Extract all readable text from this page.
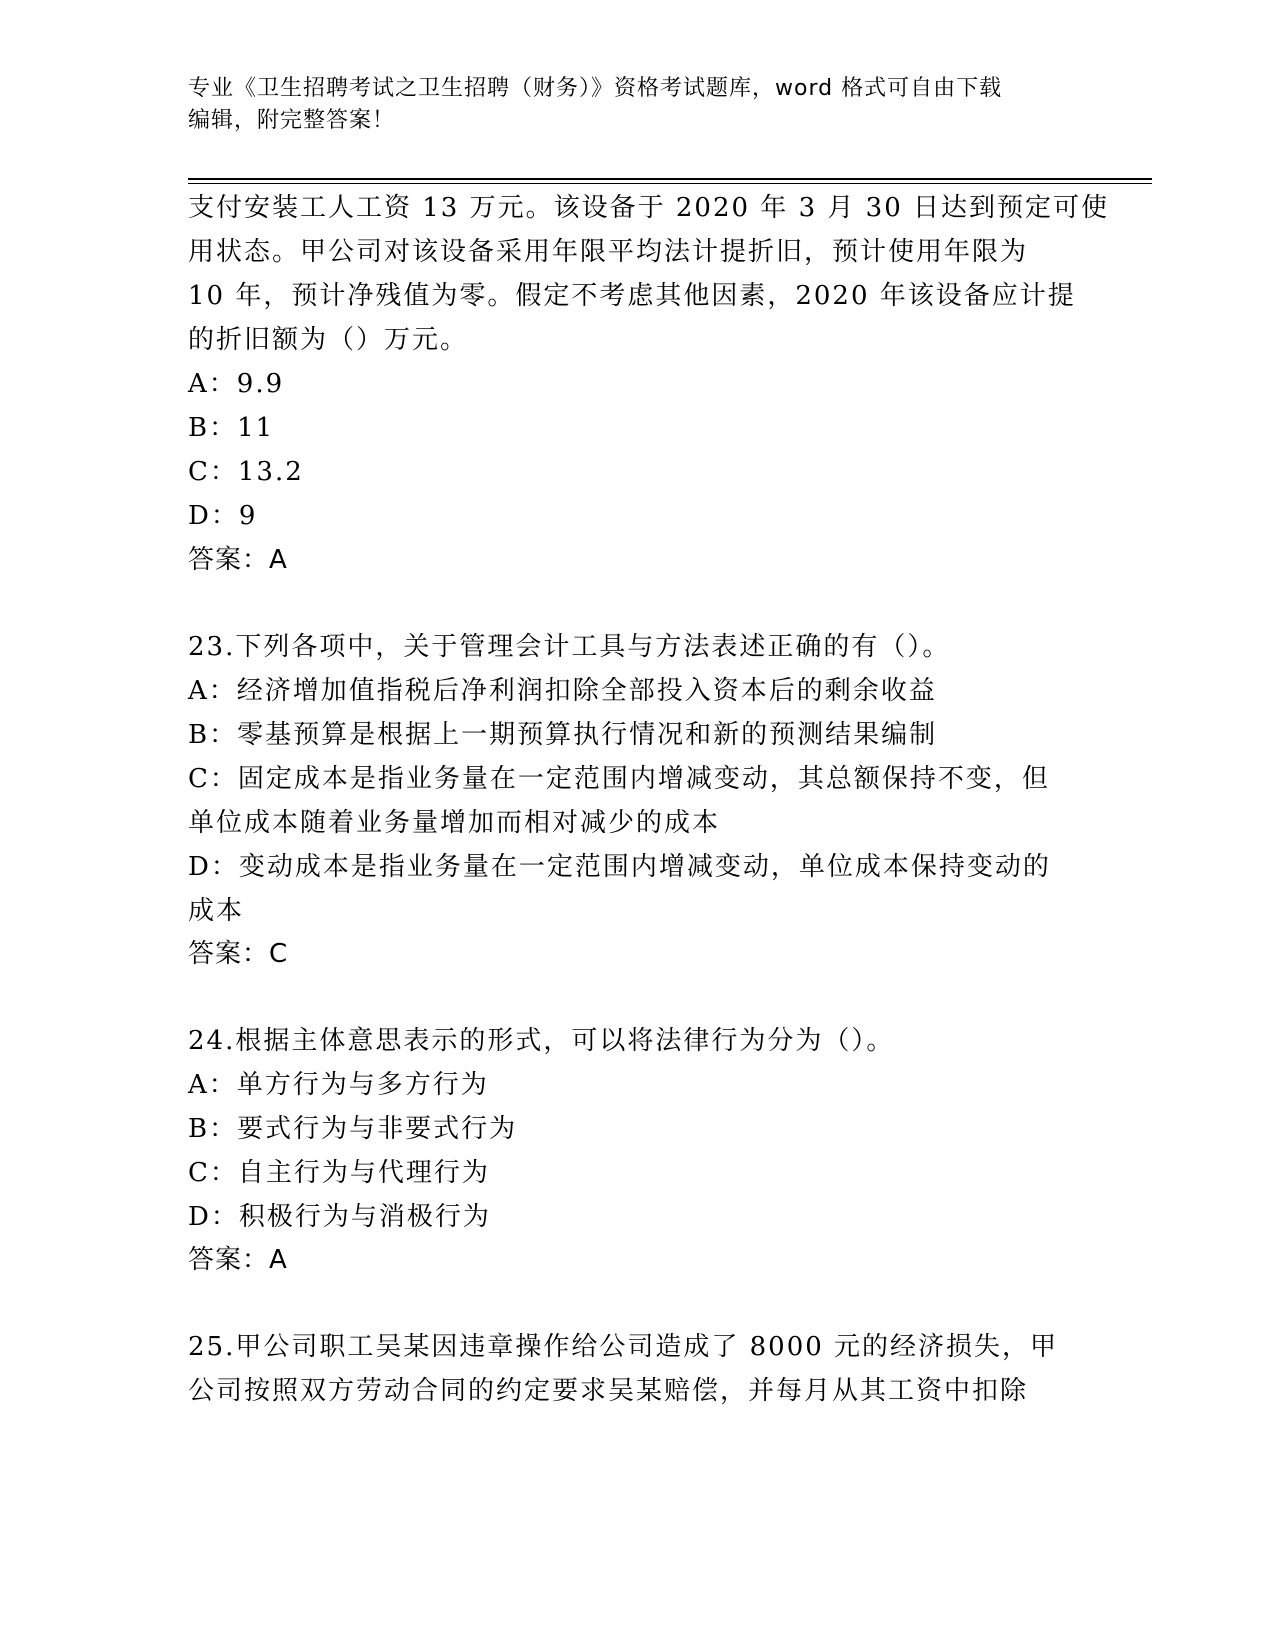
专业《卫生招聘考试之卫生招聘（财务）》资格考试题库，word 格式可自由下载
编辑，附完整答案！
支付安装工人工资 13 万元。该设备于 2020 年 3 月 30 日达到预定可使
用状态。甲公司对该设备采用年限平均法计提折旧，预计使用年限为
10 年，预计净残值为零。假定不考虑其他因素，2020 年该设备应计提
的折旧额为（）万元。
A：9.9
B：11
C：13.2
D：9
答案：A
23.下列各项中，关于管理会计工具与方法表述正确的有（）。
A：经济增加值指税后净利润扣除全部投入资本后的剩余收益
B：零基预算是根据上一期预算执行情况和新的预测结果编制
C：固定成本是指业务量在一定范围内增减变动，其总额保持不变，但
单位成本随着业务量增加而相对减少的成本
D：变动成本是指业务量在一定范围内增减变动，单位成本保持变动的
成本
答案：C
24.根据主体意思表示的形式，可以将法律行为分为（）。
A：单方行为与多方行为
B：要式行为与非要式行为
C：自主行为与代理行为
D：积极行为与消极行为
答案：A
25.甲公司职工吴某因违章操作给公司造成了 8000 元的经济损失，甲
公司按照双方劳动合同的约定要求吴某赔偿，并每月从其工资中扣除
